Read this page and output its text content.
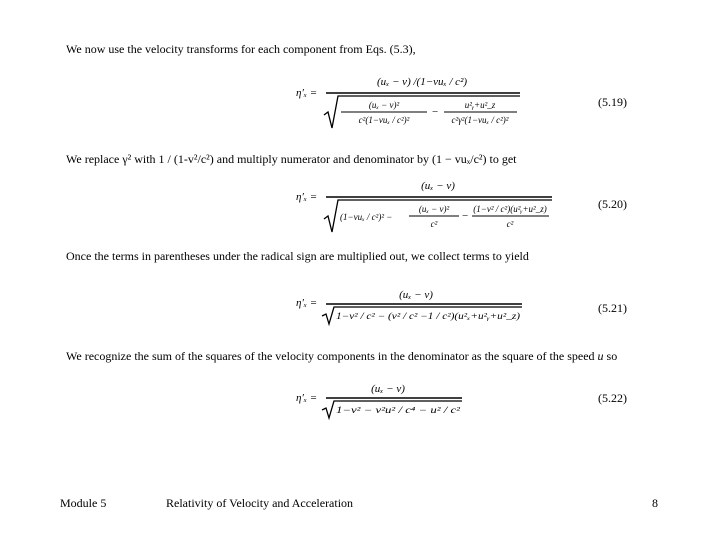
We now use the velocity transforms for each component from Eqs. (5.3),
η′ₓ =
(uₓ − v) /(1−vuₓ / c²)
(uₓ − v)²
c²(1−vuₓ / c²)²
−
u²ᵧ+u²_z
c²γ²(1−vuₓ / c²)²
(5.19)
We replace γ² with 1 / (1-v²/c²) and multiply numerator and denominator by (1 − vuₓ/c²) to get
η′ₓ =
(uₓ − v)
(1−vuₓ / c²)² −
(uₓ − v)²
c²
−
(1−v² / c²)(u²ᵧ+u²_z)
c²
(5.20)
Once the terms in parentheses under the radical sign are multiplied out, we collect terms to yield
η′ₓ =
(uₓ − v)
1−v² / c² − (v² / c² −1 / c²)(u²ₓ+u²ᵧ+u²_z)
(5.21)
We recognize the sum of the squares of the velocity components in the denominator as the square of the speed u so
η′ₓ =
(uₓ − v)
1−v² − v²u² / c⁴ − u² / c²
(5.22)
Module 5	Relativity of Velocity and Acceleration	8
